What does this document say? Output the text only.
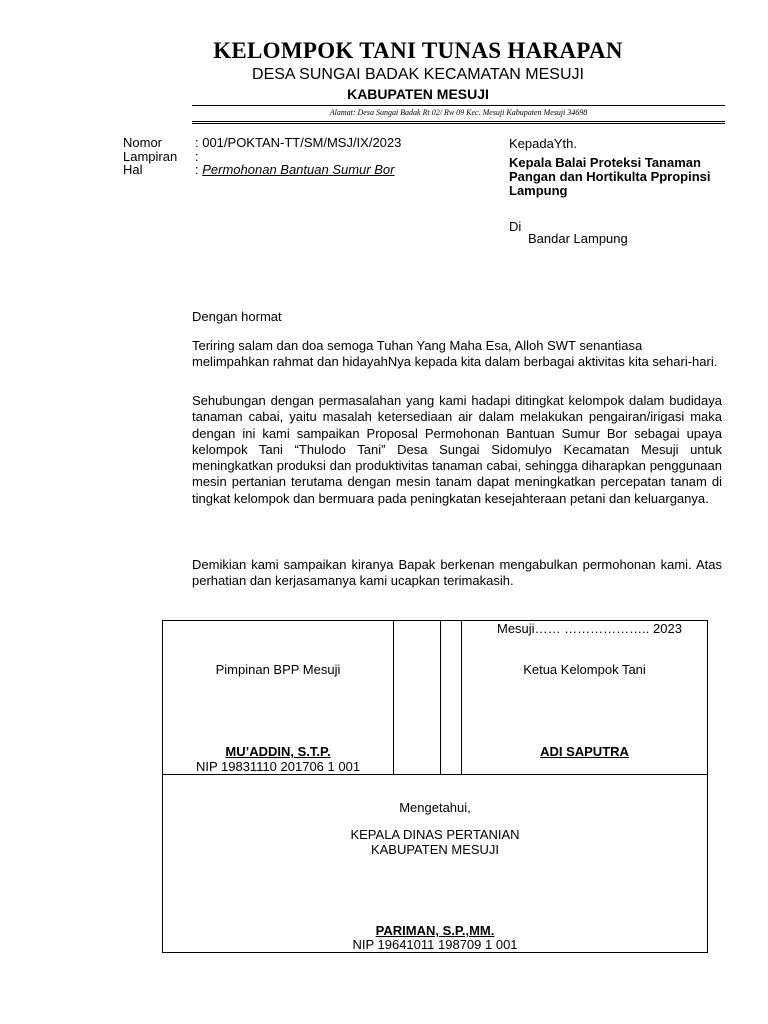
KELOMPOK TANI TUNAS HARAPAN
DESA SUNGAI BADAK KECAMATAN MESUJI
KABUPATEN MESUJI
Alamat: Desa Sungai Badak Rt 02/ Rw 09 Kec. Mesuji Kabupaten Mesuji 34698
Nomor	: 001/POKTAN-TT/SM/MSJ/IX/2023
Lampiran :
Hal	: Permohonan Bantuan Sumur Bor
KepadaYth.
Kepala Balai Proteksi Tanaman
Pangan dan Hortikulta Ppropinsi
Lampung
Di
Bandar Lampung
Dengan hormat
Teriring salam dan doa semoga Tuhan Yang Maha Esa, Alloh SWT senantiasa melimpahkan rahmat dan hidayahNya kepada kita dalam berbagai aktivitas kita sehari-hari.
Sehubungan dengan permasalahan yang kami hadapi ditingkat kelompok dalam budidaya tanaman cabai, yaitu masalah ketersediaan air dalam melakukan pengairan/irigasi maka dengan ini kami sampaikan Proposal Permohonan Bantuan Sumur Bor sebagai upaya kelompok Tani “Thulodo Tani” Desa Sungai Sidomulyo Kecamatan Mesuji untuk meningkatkan produksi dan produktivitas tanaman cabai, sehingga diharapkan penggunaan mesin pertanian terutama dengan mesin tanam dapat meningkatkan percepatan tanam di tingkat kelompok dan bermuara pada peningkatan kesejahteraan petani dan keluarganya.
Demikian kami sampaikan kiranya Bapak berkenan mengabulkan permohonan kami. Atas perhatian dan kerjasamanya kami ucapkan terimakasih.
Pimpinan BPP Mesuji
MU’ADDIN, S.T.P.
NIP 19831110 201706 1 001

Mesuji…… ……………….. 2023
Ketua Kelompok Tani
ADI SAPUTRA

Mengetahui,
KEPALA DINAS PERTANIAN
KABUPATEN MESUJI
PARIMAN, S.P.,MM.
NIP 19641011 198709 1 001
